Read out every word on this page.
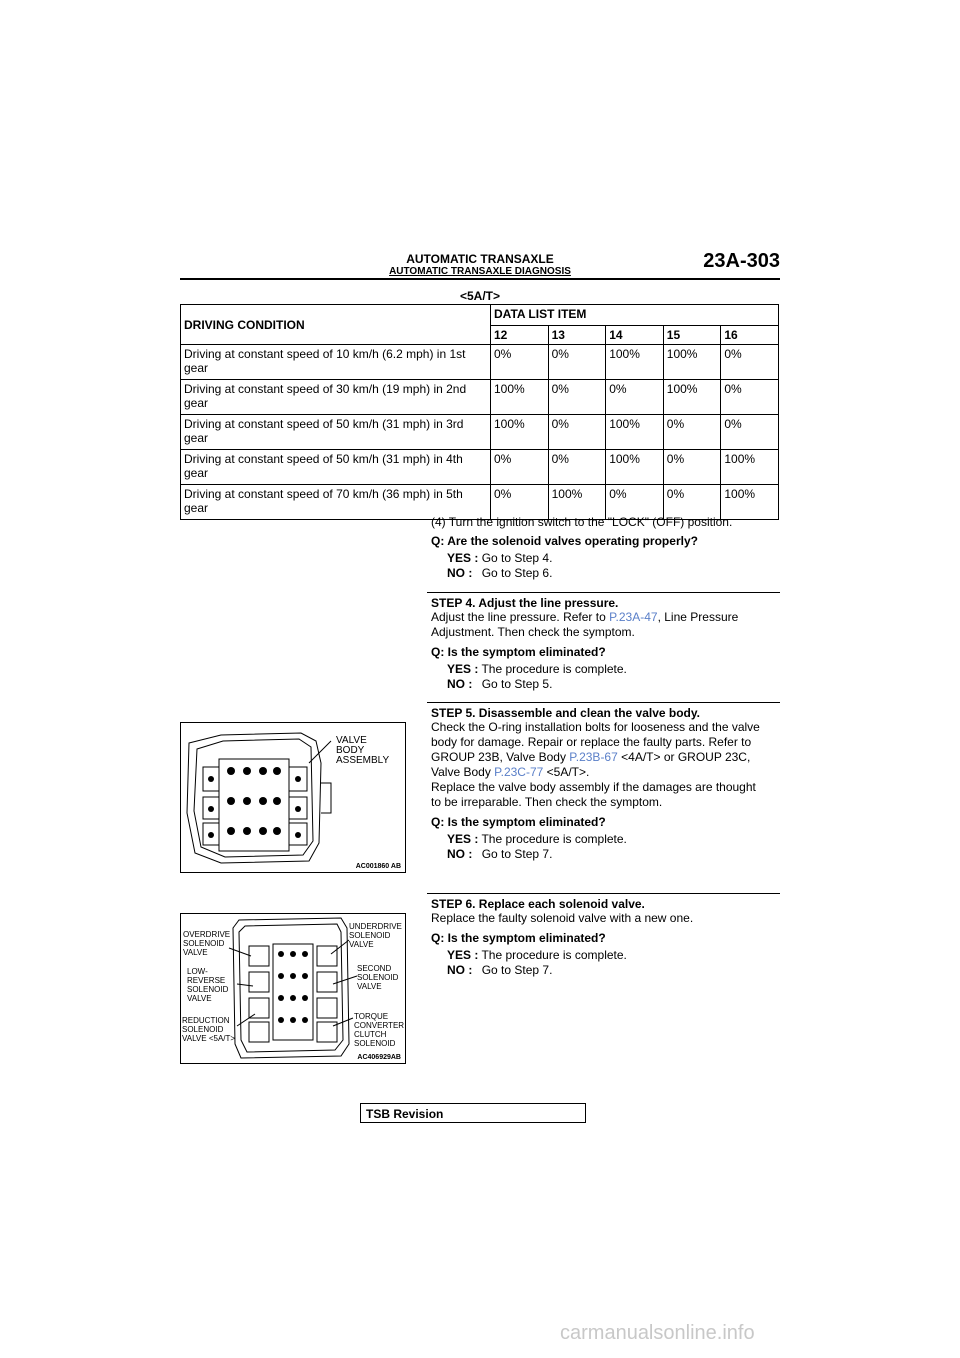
AUTOMATIC TRANSAXLE
AUTOMATIC TRANSAXLE DIAGNOSIS	23A-303
<5A/T>
DRIVING CONDITION	DATA LIST ITEM				
	12	13	14	15	16
Driving at constant speed of 10 km/h (6.2 mph) in 1st gear	0%	0%	100%	100%	0%
Driving at constant speed of 30 km/h (19 mph) in 2nd gear	100%	0%	0%	100%	0%
Driving at constant speed of 50 km/h (31 mph) in 3rd gear	100%	0%	100%	0%	0%
Driving at constant speed of 50 km/h (31 mph) in 4th gear	0%	0%	100%	0%	100%
Driving at constant speed of 70 km/h (36 mph) in 5th gear	0%	100%	0%	0%	100%
(4) Turn the ignition switch to the "LOCK" (OFF) position.
Q: Are the solenoid valves operating properly?
YES : Go to Step 4.
NO : Go to Step 6.
STEP 4. Adjust the line pressure.
Adjust the line pressure. Refer to P.23A-47, Line Pressure
Adjustment. Then check the symptom.
Q: Is the symptom eliminated?
YES : The procedure is complete.
NO : Go to Step 5.
STEP 5. Disassemble and clean the valve body.
Check the O-ring installation bolts for looseness and the valve
body for damage. Repair or replace the faulty parts. Refer to
GROUP 23B, Valve Body P.23B-67 <4A/T> or GROUP 23C,
Valve Body P.23C-77 <5A/T>.
Replace the valve body assembly if the damages are thought
to be irreparable. Then check the symptom.
Q: Is the symptom eliminated?
YES : The procedure is complete.
NO : Go to Step 7.
STEP 6. Replace each solenoid valve.
Replace the faulty solenoid valve with a new one.
Q: Is the symptom eliminated?
YES : The procedure is complete.
NO : Go to Step 7.
VALVE
BODY
ASSEMBLY
AC001860 AB
OVERDRIVE
SOLENOID
VALVE
LOW-
REVERSE
SOLENOID
VALVE
REDUCTION
SOLENOID
VALVE <5A/T>
UNDERDRIVE
SOLENOID
VALVE
SECOND
SOLENOID
VALVE
TORQUE
CONVERTER
CLUTCH
SOLENOID
AC406929AB
TSB Revision
carmanualsonline.info
